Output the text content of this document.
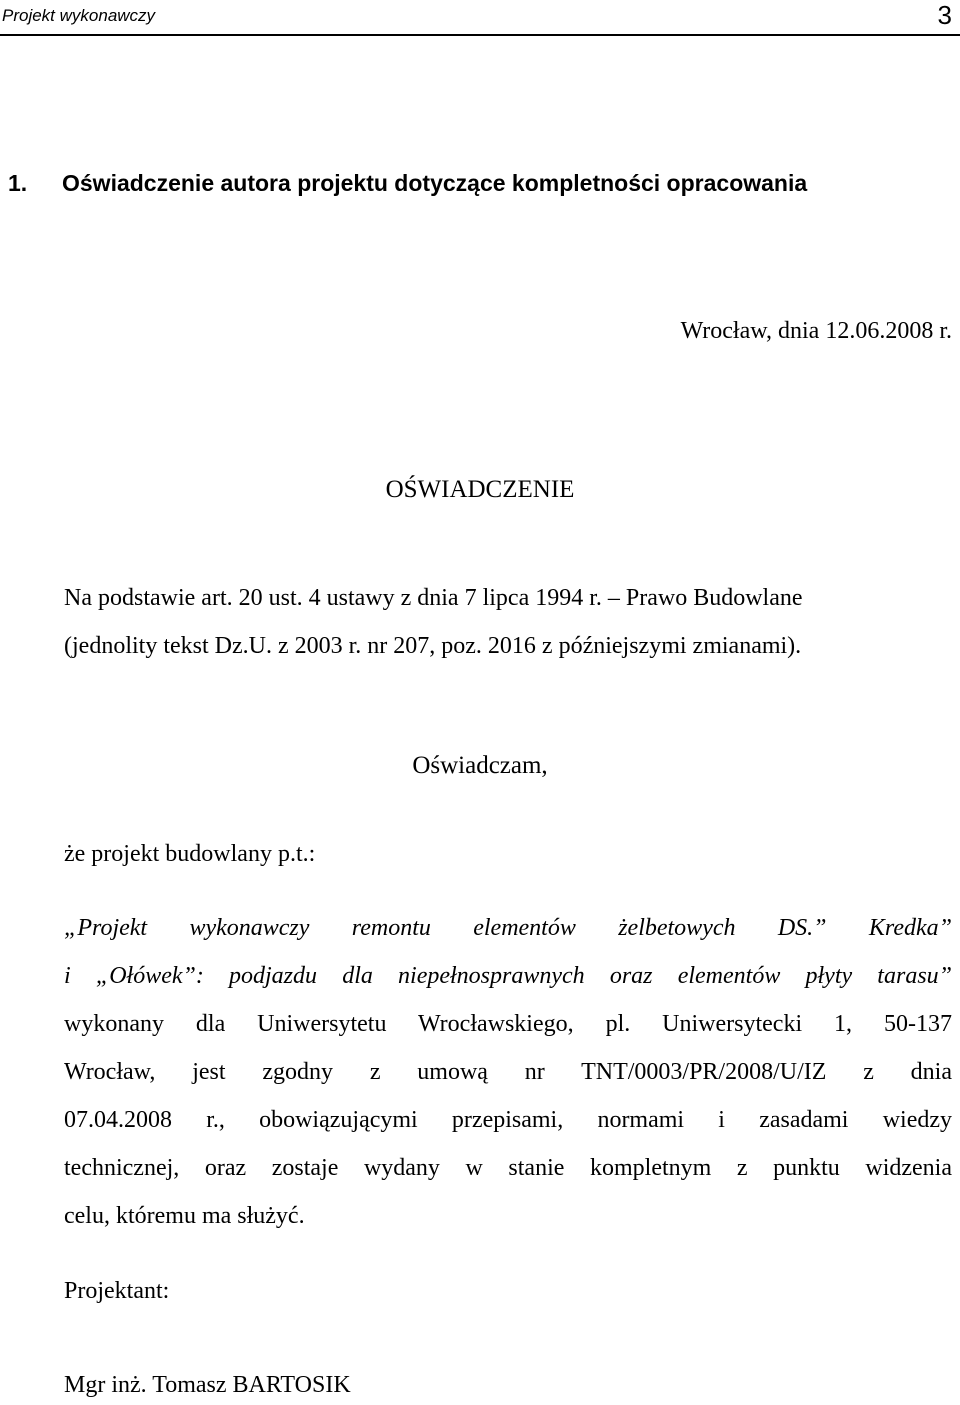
Projekt wykonawczy	3
1. Oświadczenie autora projektu dotyczące kompletności opracowania
Wrocław, dnia 12.06.2008 r.
OŚWIADCZENIE
Na podstawie art. 20 ust. 4 ustawy z dnia 7 lipca 1994 r. – Prawo Budowlane
(jednolity tekst Dz.U. z 2003 r. nr 207, poz. 2016 z późniejszymi zmianami).
Oświadczam,
że projekt budowlany p.t.:
„Projekt wykonawczy remontu elementów żelbetowych DS.” Kredka”
i „Ołówek”: podjazdu dla niepełnosprawnych oraz elementów płyty tarasu”
wykonany dla Uniwersytetu Wrocławskiego, pl. Uniwersytecki 1, 50-137
Wrocław, jest zgodny z umową nr TNT/0003/PR/2008/U/IZ z dnia
07.04.2008 r., obowiązującymi przepisami, normami i zasadami wiedzy
technicznej, oraz zostaje wydany w stanie kompletnym z punktu widzenia
celu, któremu ma służyć.
Projektant:
Mgr inż. Tomasz BARTOSIK
